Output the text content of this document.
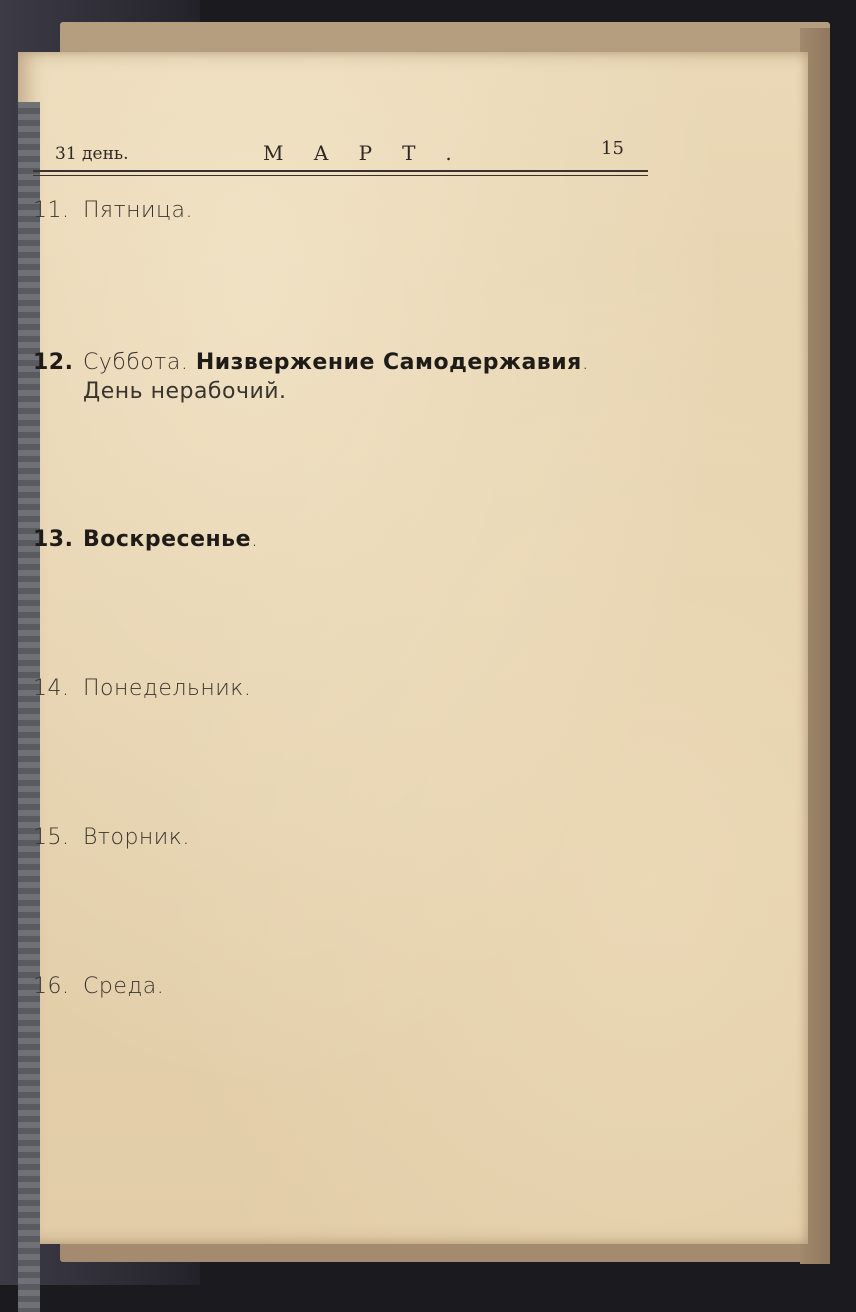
31 день.	МАРТ.	15
11. Пятница.
12. Суббота. Низвержение Самодержавия.
День нерабочий.
13. Воскресенье.
14. Понедельник.
15. Вторник.
16. Среда.
